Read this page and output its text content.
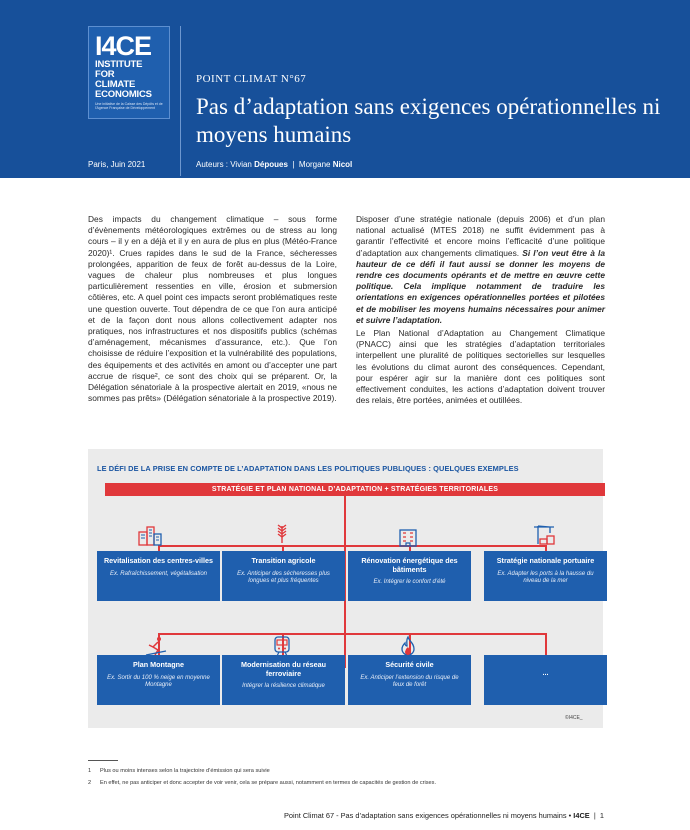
I4CE
INSTITUTE FOR
CLIMATE
ECONOMICS
Une initiative de la Caisse des Dépôts et de l'Agence Française de Développement
POINT CLIMAT N°67
Pas d’adaptation sans exigences opérationnelles ni moyens humains
Paris, Juin 2021	Auteurs : Vivian Dépoues | Morgane Nicol

Des impacts du changement climatique – sous forme d’évènements météorologiques extrêmes ou de stress au long cours – il y en a déjà et il y en aura de plus en plus (Météo-France 2020)¹. Crues rapides dans le sud de la France, sécheresses prolongées, apparition de feux de forêt au-dessus de la Loire, vagues de chaleur plus nombreuses et plus longues particulièrement ressenties en ville, érosion et submersion côtières, etc. A quel point ces impacts seront problématiques reste une question ouverte. Tout dépendra de ce que l’on aura anticipé et de la façon dont nous allons collectivement adapter nos pratiques, nos infrastructures et nos dispositifs publics (schémas d’aménagement, mécanismes d’assurance, etc.). Que l’on choisisse de réduire l’exposition et la vulnérabilité des populations, des équipements et des activités en amont ou d’accepter une part accrue de risque², ce sont des choix qui se préparent. Or, la Délégation sénatoriale à la prospective alertait en 2019, «nous ne sommes pas prêts» (Délégation sénatoriale à la prospective 2019).

Disposer d’une stratégie nationale (depuis 2006) et d’un plan national actualisé (MTES 2018) ne suffit évidemment pas à garantir l’effectivité et encore moins l’efficacité d’une politique d’adaptation aux changements climatiques. Si l’on veut être à la hauteur de ce défi il faut aussi se donner les moyens de rendre ces documents opérants et de mettre en œuvre cette politique. Cela implique notamment de traduire les orientations en exigences opérationnelles portées et pilotées et de mobiliser les moyens humains nécessaires pour animer et suivre l’adaptation.

Le Plan National d’Adaptation au Changement Climatique (PNACC) ainsi que les stratégies d’adaptation territoriales interpellent une pluralité de politiques sectorielles sur lesquelles les évolutions du climat auront des conséquences. Cependant, pour espérer agir sur la manière dont ces politiques sont effectivement conduites, les actions d’adaptation doivent trouver des relais, être portées, animées et outillées.

LE DÉFI DE LA PRISE EN COMPTE DE L’ADAPTATION DANS LES POLITIQUES PUBLIQUES : QUELQUES EXEMPLES
STRATÉGIE ET PLAN NATIONAL D’ADAPTATION + STRATÉGIES TERRITORIALES
Revitalisation des centres-villes
Ex. Rafraîchissement, végétalisation
Transition agricole
Ex. Anticiper des sécheresses plus longues et plus fréquentes
Rénovation énergétique des bâtiments
Ex. Intégrer le confort d’été
Stratégie nationale portuaire
Ex. Adapter les ports à la hausse du niveau de la mer
Plan Montagne
Ex. Sortir du 100 % neige en moyenne Montagne
Modernisation du réseau ferroviaire
Intégrer la résilience climatique
Sécurité civile
Ex. Anticiper l’extension du risque de feux de forêt
...
©I4CE_
1 Plus ou moins intenses selon la trajectoire d’émission qui sera suivie
2 En effet, ne pas anticiper et donc accepter de voir venir, cela se prépare aussi, notamment en termes de capacités de gestion de crises.
Point Climat 67 - Pas d’adaptation sans exigences opérationnelles ni moyens humains • I4CE | 1
